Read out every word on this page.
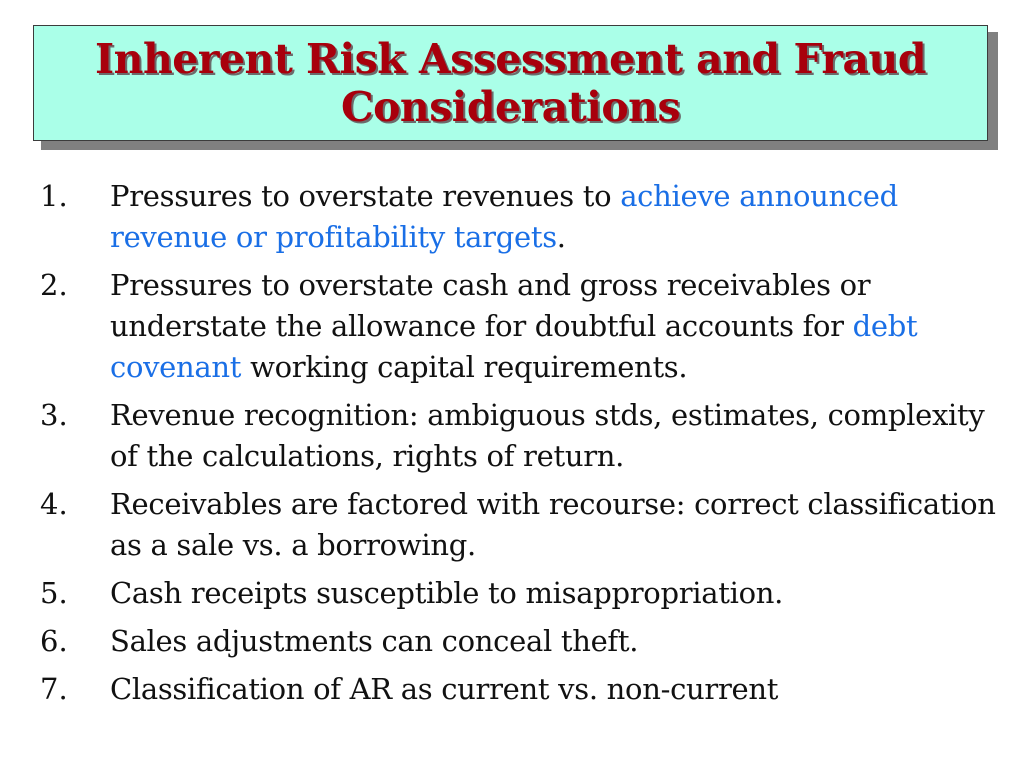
Inherent Risk Assessment and Fraud Considerations
1.	Pressures to overstate revenues to achieve announced revenue or profitability targets.
2.	Pressures to overstate cash and gross receivables or understate the allowance for doubtful accounts for debt covenant working capital requirements.
3.	Revenue recognition: ambiguous stds, estimates, complexity of the calculations, rights of return.
4.	Receivables are factored with recourse: correct classification as a sale vs. a borrowing.
5.	Cash receipts susceptible to misappropriation.
6.	Sales adjustments can conceal theft.
7.	Classification of AR as current vs. non-current
